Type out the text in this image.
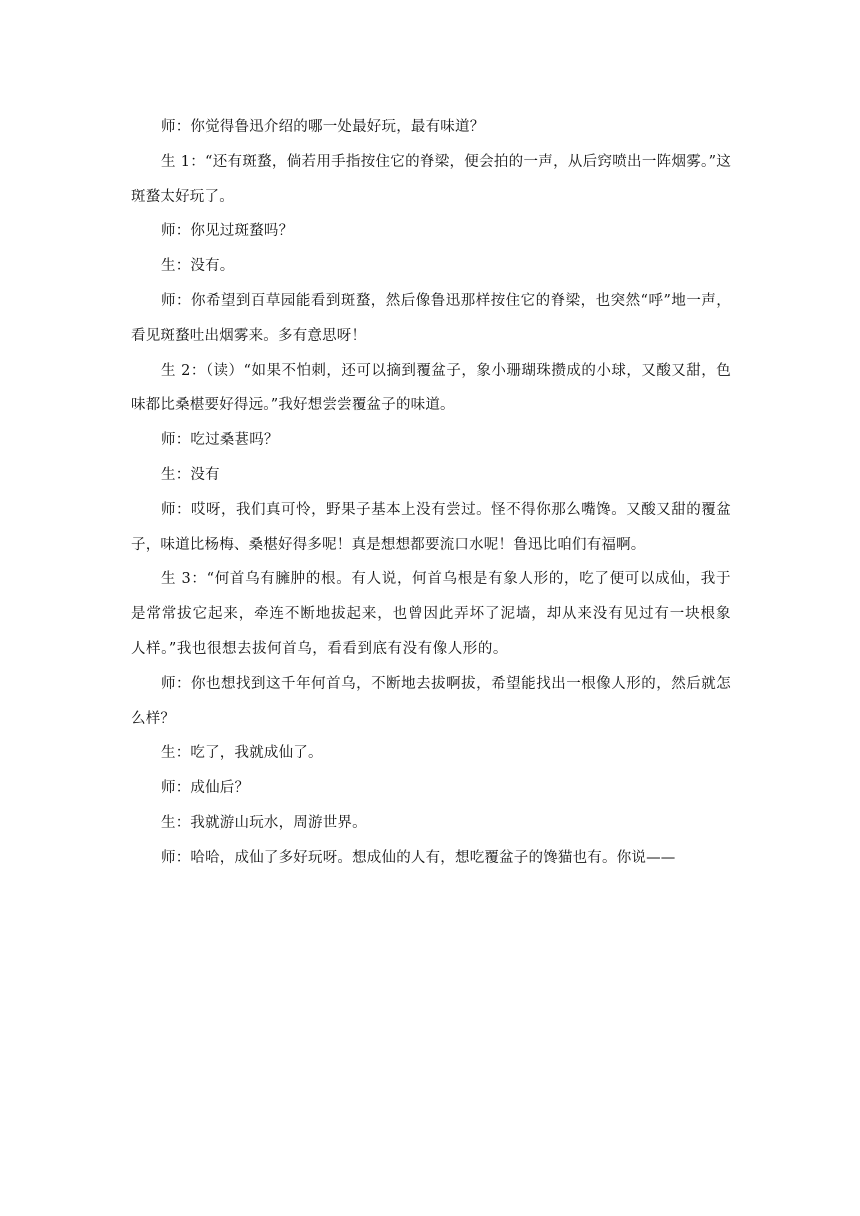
师：你觉得鲁迅介绍的哪一处最好玩，最有味道？

生 1：“还有斑蝥，倘若用手指按住它的脊梁，便会拍的一声，从后窍喷出一阵烟雾。”这斑蝥太好玩了。

师：你见过斑蝥吗？

生：没有。

师：你希望到百草园能看到斑蝥，然后像鲁迅那样按住它的脊梁，也突然“呼”地一声，看见斑蝥吐出烟雾来。多有意思呀！

生 2：（读）“如果不怕刺，还可以摘到覆盆子，象小珊瑚珠攒成的小球，又酸又甜，色味都比桑椹要好得远。”我好想尝尝覆盆子的味道。

师：吃过桑葚吗？

生：没有

师：哎呀，我们真可怜，野果子基本上没有尝过。怪不得你那么嘴馋。又酸又甜的覆盆子，味道比杨梅、桑椹好得多呢！真是想想都要流口水呢！鲁迅比咱们有福啊。

生 3：“何首乌有臃肿的根。有人说，何首乌根是有象人形的，吃了便可以成仙，我于是常常拔它起来，牵连不断地拔起来，也曾因此弄坏了泥墙，却从来没有见过有一块根象人样。”我也很想去拔何首乌，看看到底有没有像人形的。

师：你也想找到这千年何首乌，不断地去拔啊拔，希望能找出一根像人形的，然后就怎么样？

生：吃了，我就成仙了。

师：成仙后？

生：我就游山玩水，周游世界。

师：哈哈，成仙了多好玩呀。想成仙的人有，想吃覆盆子的馋猫也有。你说——
